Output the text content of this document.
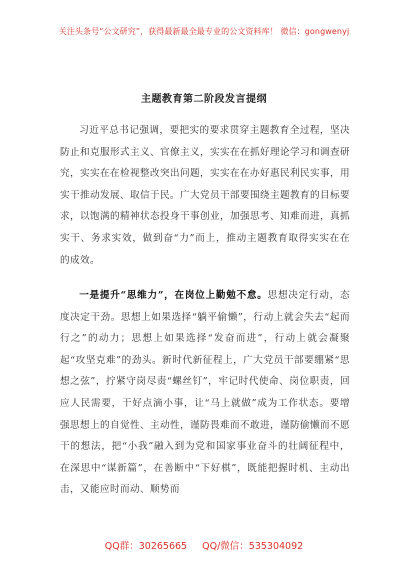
关注头条号“公文研究”，获得最新最全最专业的公文资料库！ 微信：gongwenyj
主题教育第二阶段发言提纲
习近平总书记强调，要把实的要求贯穿主题教育全过程，坚决防止和克服形式主义、官僚主义，实实在在抓好理论学习和调查研究，实实在在检视整改突出问题，实实在在办好惠民利民实事，用实干推动发展、取信于民。广大党员干部要围绕主题教育的目标要求，以饱满的精神状态投身干事创业，加强思考、知难而进，真抓实干、务求实效，做到奋“力”而上，推动主题教育取得实实在在的成效。
一是提升“思维力”，在岗位上勤勉不怠。思想决定行动，态度决定干劲。思想上如果选择“躺平偷懒”，行动上就会失去“起而行之”的动力；思想上如果选择“发奋而进”，行动上就会凝聚起“攻坚克难”的劲头。新时代新征程上，广大党员干部要绷紧“思想之弦”，拧紧守岗尽责“螺丝钉”，牢记时代使命、岗位职责，回应人民需要，干好点滴小事，让“马上就做”成为工作状态。要增强思想上的自觉性、主动性，谨防畏难而不敢进，谨防偷懒而不愿干的想法，把“小我”融入到为党和国家事业奋斗的壮阔征程中，在深思中“谋新篇”，在善断中“下好棋”，既能把握时机、主动出击，又能应时而动、顺势而
QQ群：30265665 QQ/微信：535304092
